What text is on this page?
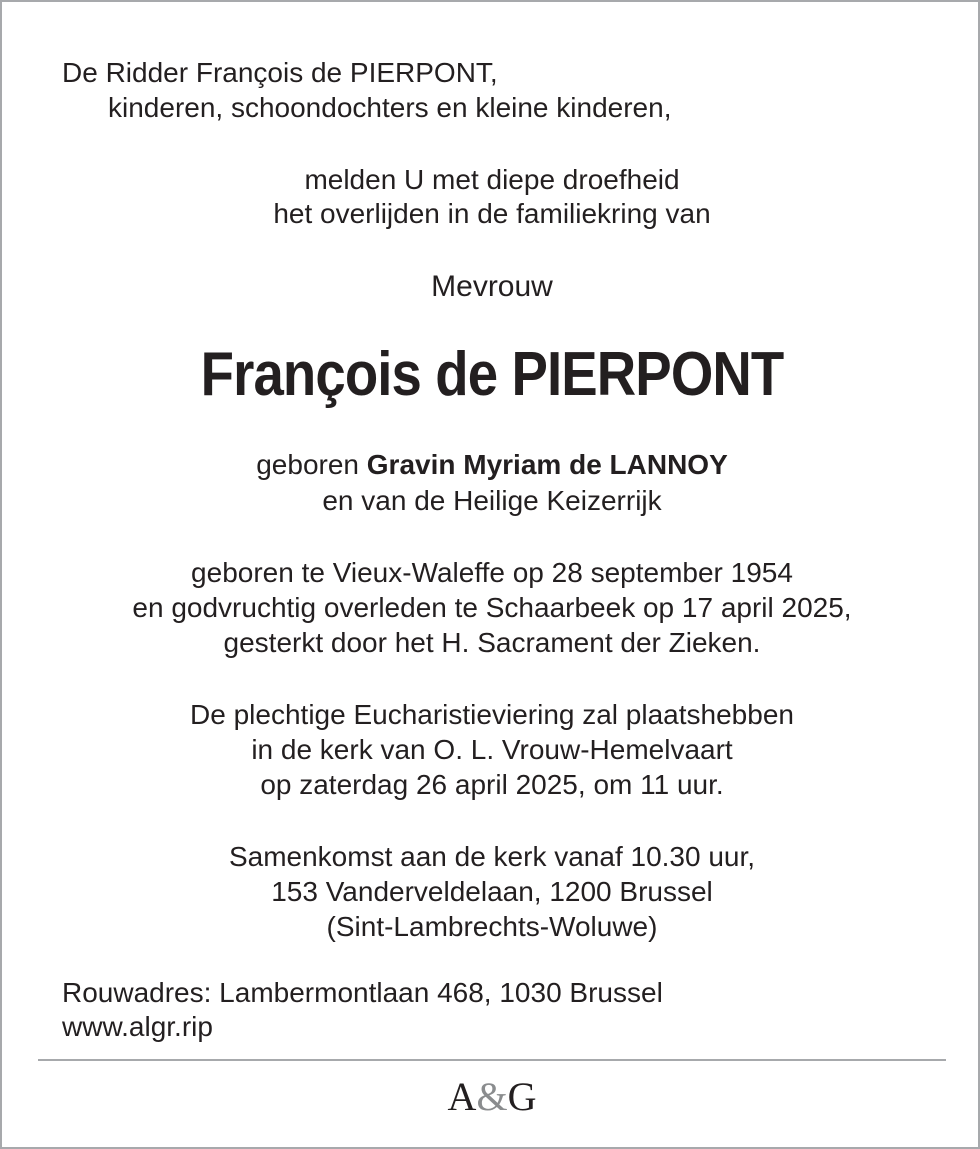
De Ridder François de PIERPONT,
kinderen, schoondochters en kleine kinderen,
melden U met diepe droefheid
het overlijden in de familiekring van
Mevrouw
François de PIERPONT
geboren Gravin Myriam de LANNOY
en van de Heilige Keizerrijk
geboren te Vieux-Waleffe op 28 september 1954
en godvruchtig overleden te Schaarbeek op 17 april 2025,
gesterkt door het H. Sacrament der Zieken.
De plechtige Eucharistieviering zal plaatshebben
in de kerk van O. L. Vrouw-Hemelvaart
op zaterdag 26 april 2025, om 11 uur.
Samenkomst aan de kerk vanaf 10.30 uur,
153 Vanderveldelaan, 1200 Brussel
(Sint-Lambrechts-Woluwe)
Rouwadres: Lambermontlaan 468, 1030 Brussel
www.algr.rip
A&G
